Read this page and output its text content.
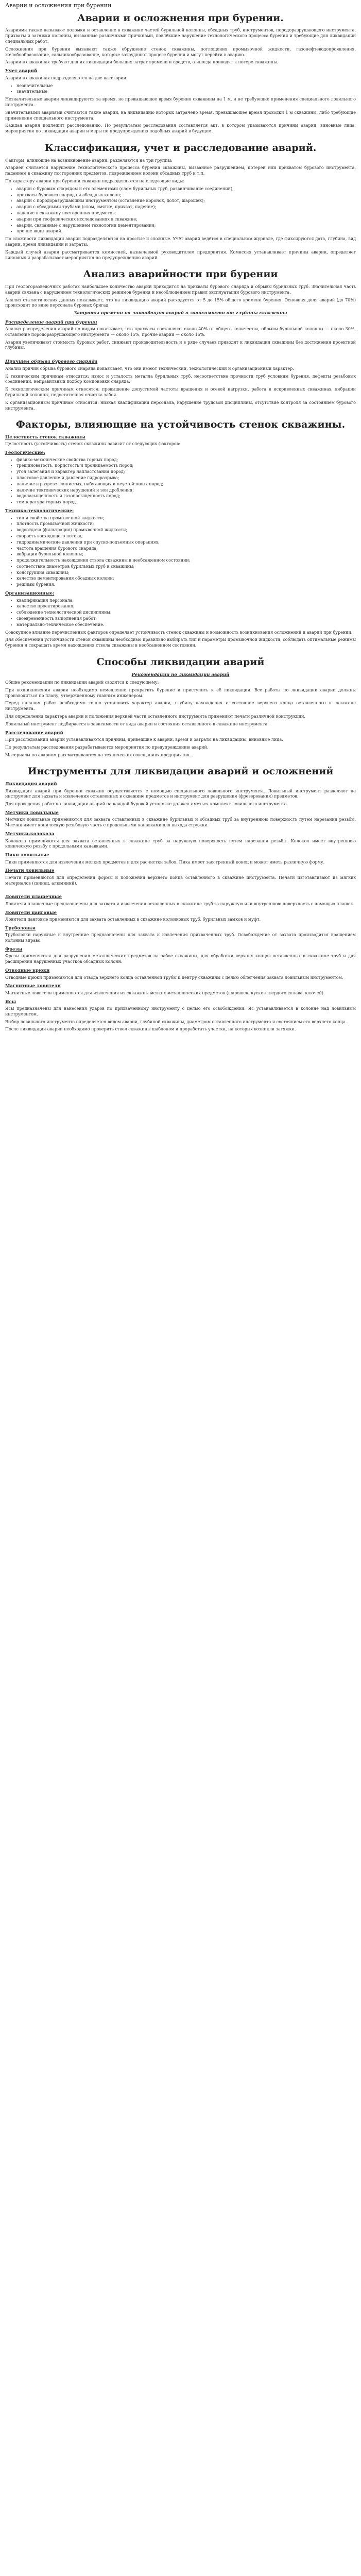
Аварии и осложнения при бурении
Аварии и осложнения при бурении.

Авариями также называют поломки и оставление в скважине частей бурильной колонны, обсадных труб, инструментов, породоразрушающего инструмента, прихваты и затяжки колонны, вызванные различными причинами, повлёкшие нарушение технологического процесса бурения и требующие для ликвидации специальных работ.

Осложнения при бурении вызывают также обрушение стенок скважины, поглощения промывочной жидкости, газонефтеводопроявления, желобообразование, сальникообразование, которые затрудняют процесс бурения и могут перейти в аварию.

Аварии в скважинах требуют для их ликвидации больших затрат времени и средств, а иногда приводят к потере скважины.

Учет аварий

Аварии в скважинах подразделяются на две категории:

• незначительные
• значительные

Незначительные аварии ликвидируются за время, не превышающее время бурения скважины на 1 м, и не требующие применения специального ловильного инструмента.

Значительными авариями считаются такие аварии, на ликвидацию которых затрачено время, превышающее время проходки 1 м скважины, либо требующие применения специального инструмента.

Каждая авария подлежит расследованию. По результатам расследования составляется акт, в котором указываются причины аварии, виновные лица, мероприятия по ликвидации аварии и меры по предупреждению подобных аварий в будущем.

Классификация, учет и расследование аварий.

Факторы, влияющие на возникновение аварий, разделяются на три группы:

Аварией считается нарушение технологического процесса бурения скважины, вызванное разрушением, потерей или прихватом бурового инструмента, падением в скважину посторонних предметов, повреждением колонн обсадных труб и т.п.

По характеру аварии при бурении скважин подразделяются на следующие виды:

• аварии с буровым снарядом и его элементами (слом бурильных труб, развинчивание соединений);
• прихваты бурового снаряда и обсадных колонн;
• аварии с породоразрушающим инструментом (оставление коронок, долот, шарошек);
• аварии с обсадными трубами (слом, смятие, прихват, падение);
• падение в скважину посторонних предметов;
• аварии при геофизических исследованиях в скважине;
• аварии, связанные с нарушением технологии цементирования;
• прочие виды аварий.

По сложности ликвидации аварии подразделяются на простые и сложные. Учёт аварий ведётся в специальном журнале, где фиксируются дата, глубина, вид аварии, время ликвидации и затраты.

Каждый случай аварии рассматривается комиссией, назначаемой руководителем предприятия. Комиссия устанавливает причины аварии, определяет виновных и разрабатывает мероприятия по предупреждению аварий.

Анализ аварийности при бурении

При геологоразведочных работах наибольшее количество аварий приходится на прихваты бурового снаряда и обрывы бурильных труб. Значительная часть аварий связана с нарушением технологических режимов бурения и несоблюдением правил эксплуатации бурового инструмента.

Анализ статистических данных показывает, что на ликвидацию аварий расходуется от 5 до 15% общего времени бурения. Основная доля аварий (до 70%) происходит по вине персонала буровых бригад.

Затраты времени на ликвидацию аварий в зависимости от глубины скважины
Распределение аварий при бурении

Анализ распределения аварий по видам показывает, что прихваты составляют около 40% от общего количества, обрывы бурильной колонны — около 30%, оставление породоразрушающего инструмента — около 15%, прочие аварии — около 15%.

Аварии увеличивают стоимость буровых работ, снижают производительность и в ряде случаев приводят к ликвидации скважины без достижения проектной глубины.

Причины обрыва бурового снаряда

Анализ причин обрыва бурового снаряда показывает, что они имеют технический, технологический и организационный характер.

К техническим причинам относятся: износ и усталость металла бурильных труб, несоответствие прочности труб условиям бурения, дефекты резьбовых соединений, неправильный подбор компоновки снаряда.

К технологическим причинам относятся: превышение допустимой частоты вращения и осевой нагрузки, работа в искривленных скважинах, вибрации бурильной колонны, недостаточная очистка забоя.

К организационным причинам относятся: низкая квалификация персонала, нарушение трудовой дисциплины, отсутствие контроля за состоянием бурового инструмента.

Факторы, влияющие на устойчивость стенок скважины.
Целостность стенок скважины

Целостность (устойчивость) стенок скважины зависит от следующих факторов:

Геологические:
• физико-механические свойства горных пород;
• трещиноватость, пористость и проницаемость пород;
• угол залегания и характер напластования пород;
• пластовое давление и давление гидроразрыва;
• наличие в разрезе глинистых, набухающих и неустойчивых пород;
• наличие тектонических нарушений и зон дробления;
• водонасыщенность и газонасыщенность пород;
• температура горных пород.
Технико-технологические:
• тип и свойства промывочной жидкости;
• плотность промывочной жидкости;
• водоотдача (фильтрация) промывочной жидкости;
• скорость восходящего потока;
• гидродинамические давления при спуско-подъемных операциях;
• частота вращения бурового снаряда;
• вибрации бурильной колонны;
• продолжительность нахождения ствола скважины в необсаженном состоянии;
• соответствие диаметров бурильных труб и скважины;
• конструкция скважины;
• качество цементирования обсадных колонн;
• режимы бурения.
Организационные:
• квалификация персонала;
• качество проектирования;
• соблюдение технологической дисциплины;
• своевременность выполнения работ;
• материально-техническое обеспечение.

Совокупное влияние перечисленных факторов определяет устойчивость стенок скважины и возможность возникновения осложнений и аварий при бурении.

Для обеспечения устойчивости стенок скважины необходимо правильно выбирать тип и параметры промывочной жидкости, соблюдать оптимальные режимы бурения и сокращать время нахождения ствола скважины в необсаженном состоянии.

Способы ликвидации аварий
Рекомендации по ликвидации аварий

Общие рекомендации по ликвидации аварий сводятся к следующему:

При возникновении аварии необходимо немедленно прекратить бурение и приступить к её ликвидации. Все работы по ликвидации аварии должны производиться по плану, утвержденному главным инженером.

Перед началом работ необходимо точно установить характер аварии, глубину нахождения и состояние верхнего конца оставленного в скважине инструмента.

Для определения характера аварии и положения верхней части оставленного инструмента применяют печати различной конструкции.

Ловильный инструмент подбирается в зависимости от вида аварии и состояния оставленного в скважине инструмента.

Расследование аварий

При расследовании аварии устанавливаются причины, приведшие к аварии, время и затраты на ликвидацию, виновные лица.

По результатам расследования разрабатываются мероприятия по предупреждению аварий.

Материалы по авариям рассматриваются на технических совещаниях предприятия.

Инструменты для ликвидации аварий и осложнений
Ликвидация аварий

Ликвидация аварий при бурении скважин осуществляется с помощью специального ловильного инструмента. Ловильный инструмент разделяют на инструмент для захвата и извлечения оставленных в скважине предметов и инструмент для разрушения (фрезерования) предметов.

Для проведения работ по ликвидации аварий на каждой буровой установке должен иметься комплект ловильного инструмента.

Метчики ловильные

Метчики ловильные применяются для захвата оставленных в скважине бурильных и обсадных труб за внутреннюю поверхность путем нарезания резьбы. Метчик имеет коническую резьбовую часть с продольными канавками для выхода стружки.

Метчики-колокола

Колокола применяются для захвата оставленных в скважине труб за наружную поверхность путем нарезания резьбы. Колокол имеет внутреннюю коническую резьбу с продольными канавками.

Пики ловильные

Пики применяются для извлечения мелких предметов и для расчистки забоя. Пика имеет заостренный конец и может иметь различную форму.

Печати ловильные

Печати применяются для определения формы и положения верхнего конца оставленного в скважине инструмента. Печати изготавливают из мягких материалов (свинец, алюминий).

Ловители плашечные

Ловители плашечные предназначены для захвата и извлечения оставленных в скважине труб за наружную или внутреннюю поверхность с помощью плашек.

Ловители цанговые

Ловители цанговые применяются для захвата оставленных в скважине колонковых труб, бурильных замков и муфт.

Труболовки

Труболовки наружные и внутренние предназначены для захвата и извлечения прихваченных труб. Освобождение от захвата производится вращением колонны вправо.

Фрезы

Фрезы применяются для разрушения металлических предметов на забое скважины, для обработки верхних концов оставленных в скважине труб и для расширения нарушенных участков обсадных колонн.

Отводные крюки

Отводные крюки применяются для отвода верхнего конца оставленной трубы к центру скважины с целью облегчения захвата ловильным инструментом.

Магнитные ловители

Магнитные ловители применяются для извлечения из скважины мелких металлических предметов (шарошек, кусков твердого сплава, ключей).

Ясы

Ясы предназначены для нанесения ударов по прихваченному инструменту с целью его освобождения. Яс устанавливается в колонне над ловильным инструментом.

Выбор ловильного инструмента определяется видом аварии, глубиной скважины, диаметром оставленного инструмента и состоянием его верхнего конца.

После ликвидации аварии необходимо проверить ствол скважины шаблоном и проработать участки, на которых возникли затяжки.
